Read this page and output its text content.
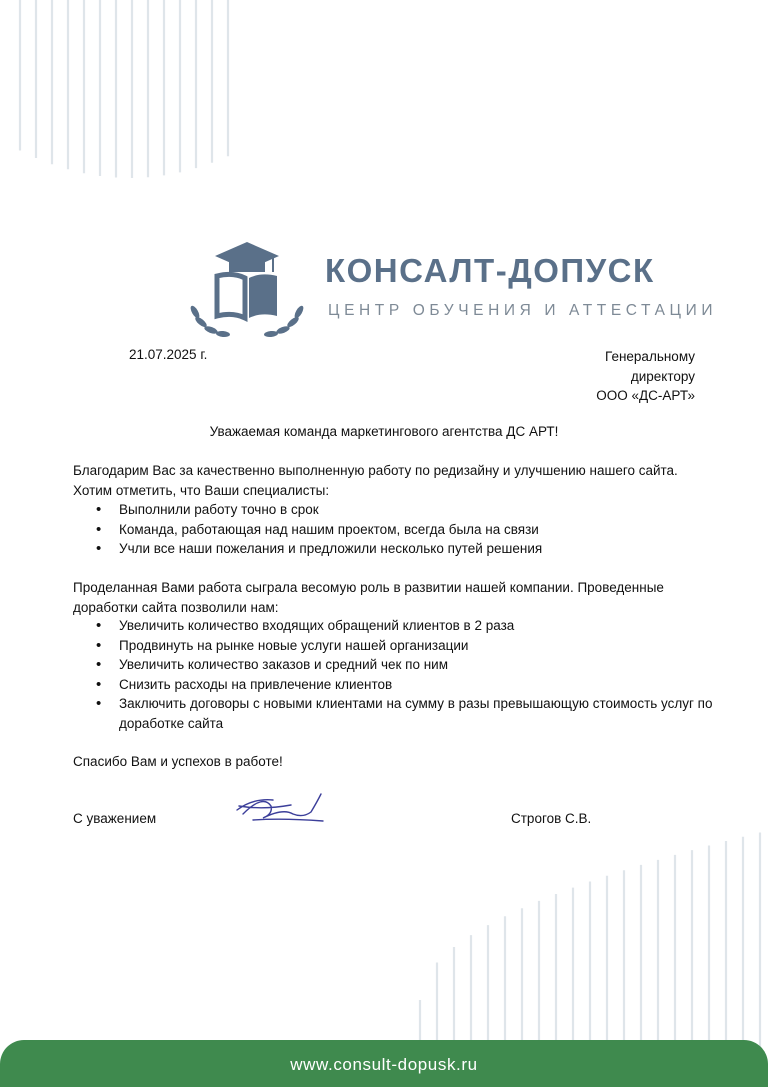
КОНСАЛТ-ДОПУСК
ЦЕНТР ОБУЧЕНИЯ И АТТЕСТАЦИИ
21.07.2025 г.	Генеральному
директору
ООО «ДС-АРТ»
Уважаемая команда маркетингового агентства ДС АРТ!
Благодарим Вас за качественно выполненную работу по редизайну и улучшению нашего сайта. Хотим отметить, что Ваши специалисты:
• Выполнили работу точно в срок
• Команда, работающая над нашим проектом, всегда была на связи
• Учли все наши пожелания и предложили несколько путей решения
Проделанная Вами работа сыграла весомую роль в развитии нашей компании. Проведенные доработки сайта позволили нам:
• Увеличить количество входящих обращений клиентов в 2 раза
• Продвинуть на рынке новые услуги нашей организации
• Увеличить количество заказов и средний чек по ним
• Снизить расходы на привлечение клиентов
• Заключить договоры с новыми клиентами на сумму в разы превышающую стоимость услуг по доработке сайта
Спасибо Вам и успехов в работе!
С уважением	Строгов С.В.
www.consult-dopusk.ru
